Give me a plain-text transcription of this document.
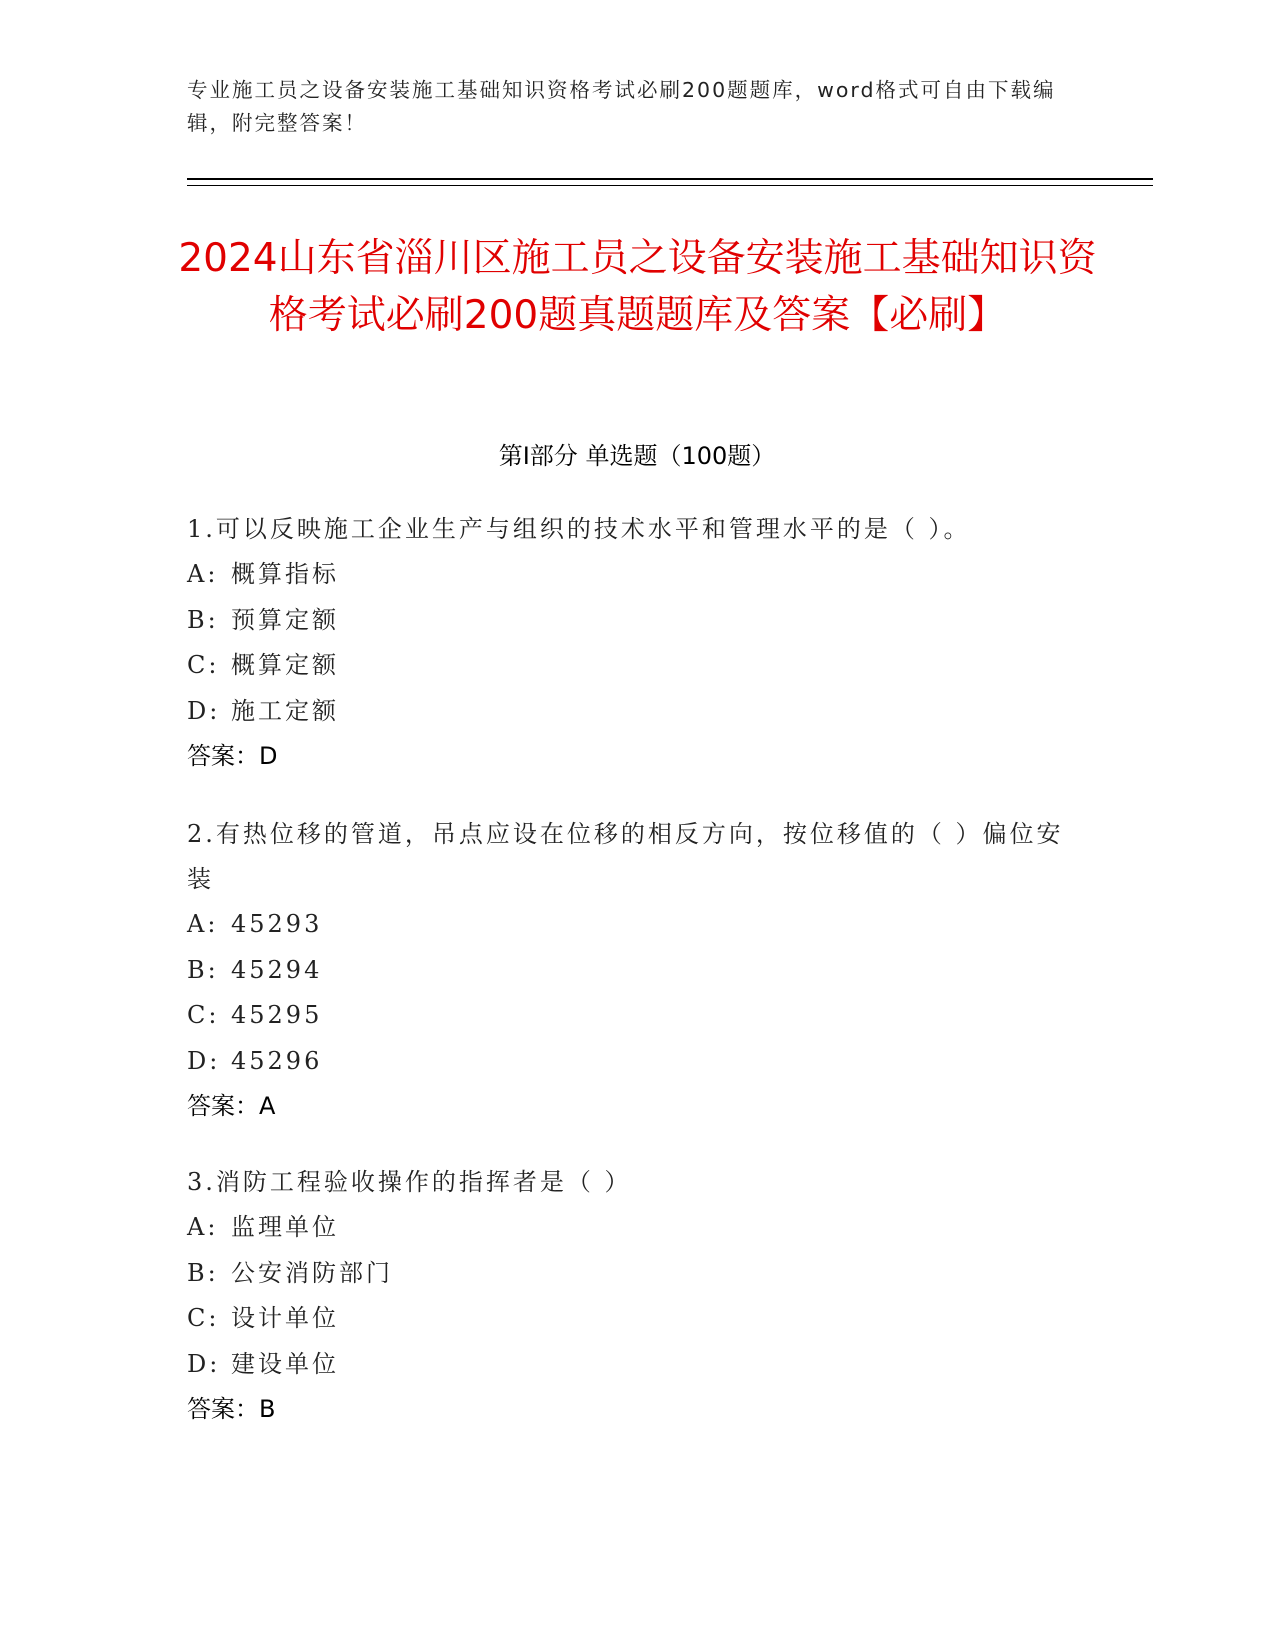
专业施工员之设备安装施工基础知识资格考试必刷200题题库，word格式可自由下载编辑，附完整答案！
2024山东省淄川区施工员之设备安装施工基础知识资格考试必刷200题真题题库及答案【必刷】
第Ⅰ部分 单选题（100题）
1.可以反映施工企业生产与组织的技术水平和管理水平的是（ ）。
A: 概算指标
B: 预算定额
C: 概算定额
D: 施工定额
答案： D
2.有热位移的管道，吊点应设在位移的相反方向，按位移值的（ ）偏位安装
A: 45293
B: 45294
C: 45295
D: 45296
答案： A
3.消防工程验收操作的指挥者是（ ）
A: 监理单位
B: 公安消防部门
C: 设计单位
D: 建设单位
答案： B
